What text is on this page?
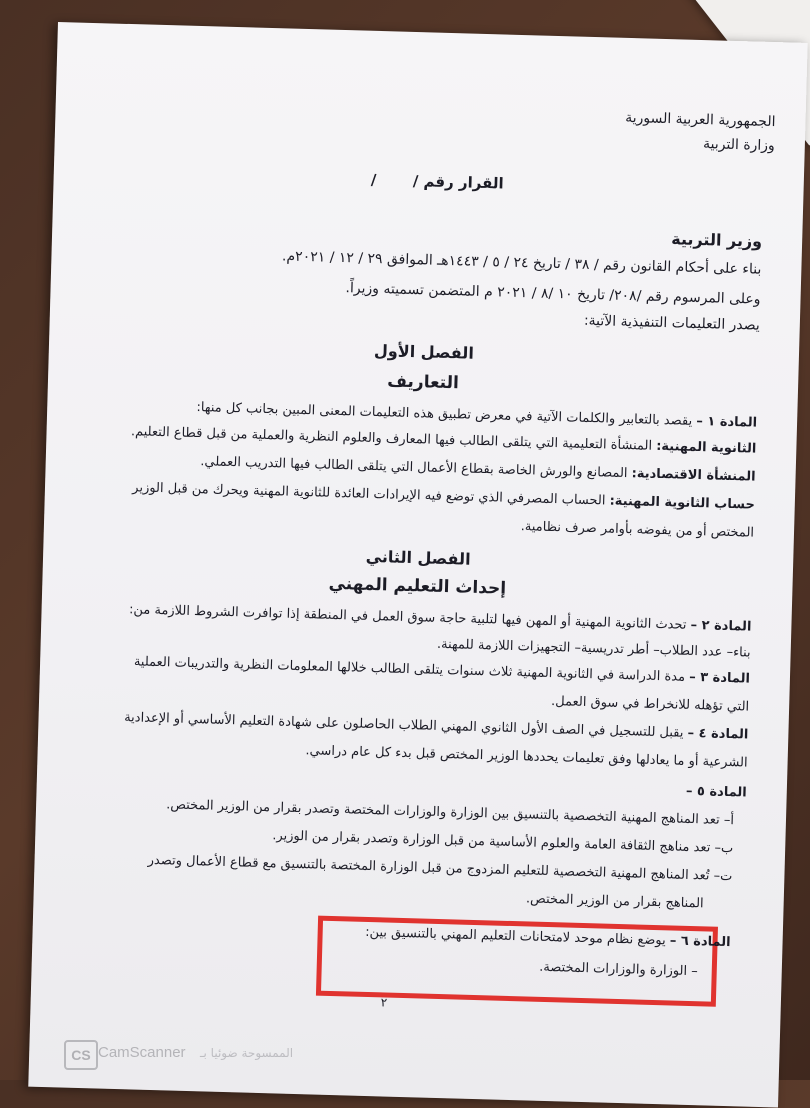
الجمهورية العربية السورية
وزارة التربية
القرار رقم /  /
وزير التربية
بناء على أحكام القانون رقم / ٣٨ / تاريخ ٢٤ / ٥ / ١٤٤٣هـ الموافق ٢٩ / ١٢ / ٢٠٢١م.
وعلى المرسوم رقم /٢٠٨/ تاريخ ١٠ /٨ / ٢٠٢١ م المتضمن تسميته وزيراً.
يصدر التعليمات التنفيذية الآتية:
الفصل الأول
التعاريف
المادة ١ – يقصد بالتعابير والكلمات الآتية في معرض تطبيق هذه التعليمات المعنى المبين بجانب كل منها:
الثانوية المهنية: المنشأة التعليمية التي يتلقى الطالب فيها المعارف والعلوم النظرية والعملية من قبل قطاع التعليم.
المنشأة الاقتصادية: المصانع والورش الخاصة بقطاع الأعمال التي يتلقى الطالب فيها التدريب العملي.
حساب الثانوية المهنية: الحساب المصرفي الذي توضع فيه الإيرادات العائدة للثانوية المهنية ويحرك من قبل الوزير
المختص أو من يفوضه بأوامر صرف نظامية.
الفصل الثاني
إحداث التعليم المهني
المادة ٢ – تحدث الثانوية المهنية أو المهن فيها لتلبية حاجة سوق العمل في المنطقة إذا توافرت الشروط اللازمة من:
بناء– عدد الطلاب– أطر تدريسية– التجهيزات اللازمة للمهنة.
المادة ٣ – مدة الدراسة في الثانوية المهنية ثلاث سنوات يتلقى الطالب خلالها المعلومات النظرية والتدريبات العملية
التي تؤهله للانخراط في سوق العمل.
المادة ٤ – يقبل للتسجيل في الصف الأول الثانوي المهني الطلاب الحاصلون على شهادة التعليم الأساسي أو الإعدادية
الشرعية أو ما يعادلها وفق تعليمات يحددها الوزير المختص قبل بدء كل عام دراسي.
المادة ٥ –
أ– تعد المناهج المهنية التخصصية بالتنسيق بين الوزارة والوزارات المختصة وتصدر بقرار من الوزير المختص.
ب– تعد مناهج الثقافة العامة والعلوم الأساسية من قبل الوزارة وتصدر بقرار من الوزير.
ت– تُعد المناهج المهنية التخصصية للتعليم المزدوج من قبل الوزارة المختصة بالتنسيق مع قطاع الأعمال وتصدر
المناهج بقرار من الوزير المختص.
المادة ٦ – يوضع نظام موحد لامتحانات التعليم المهني بالتنسيق بين:
– الوزارة والوزارات المختصة.
٢
CS CamScanner الممسوحة ضوئيا بـ
